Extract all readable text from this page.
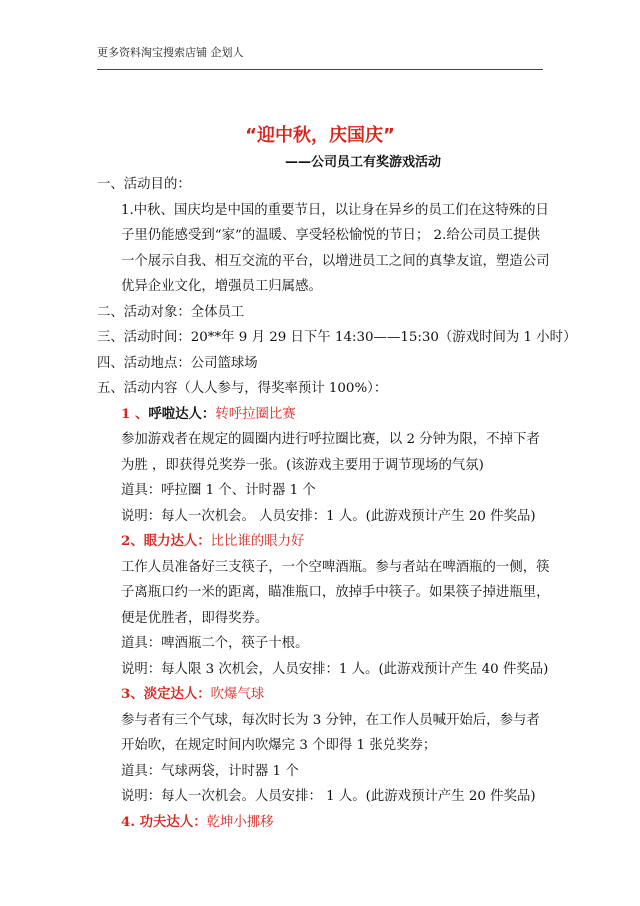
更多资料淘宝搜索店铺 企划人
“迎中秋，庆国庆”
——公司员工有奖游戏活动
一、活动目的：
1.中秋、国庆均是中国的重要节日，以让身在异乡的员工们在这特殊的日子里仍能感受到“家”的温暖、享受轻松愉悦的节日； 2.给公司员工提供一个展示自我、相互交流的平台，以增进员工之间的真挚友谊，塑造公司优异企业文化，增强员工归属感。
二、活动对象：全体员工
三、活动时间：20**年 9 月 29 日下午 14:30——15:30（游戏时间为 1 小时）
四、活动地点：公司篮球场
五、活动内容（人人参与，得奖率预计 100%）：
1 、呼啦达人：转呼拉圈比赛
参加游戏者在规定的圆圈内进行呼拉圈比赛，以 2 分钟为限，不掉下者为胜 ，即获得兑奖券一张。(该游戏主要用于调节现场的气氛)
道具：呼拉圈 1 个、计时器 1 个
说明：每人一次机会。 人员安排：1 人。(此游戏预计产生 20 件奖品)
2、眼力达人：比比谁的眼力好
工作人员准备好三支筷子，一个空啤酒瓶。参与者站在啤酒瓶的一侧，筷子离瓶口约一米的距离，瞄准瓶口，放掉手中筷子。如果筷子掉进瓶里，便是优胜者，即得奖券。
道具：啤酒瓶二个，筷子十根。
说明：每人限 3 次机会，人员安排：1 人。(此游戏预计产生 40 件奖品)
3、淡定达人：吹爆气球
参与者有三个气球，每次时长为 3 分钟，在工作人员喊开始后，参与者开始吹，在规定时间内吹爆完 3 个即得 1 张兑奖券；
道具：气球两袋，计时器 1 个
说明：每人一次机会。人员安排： 1 人。(此游戏预计产生 20 件奖品)
4. 功夫达人：乾坤小挪移
